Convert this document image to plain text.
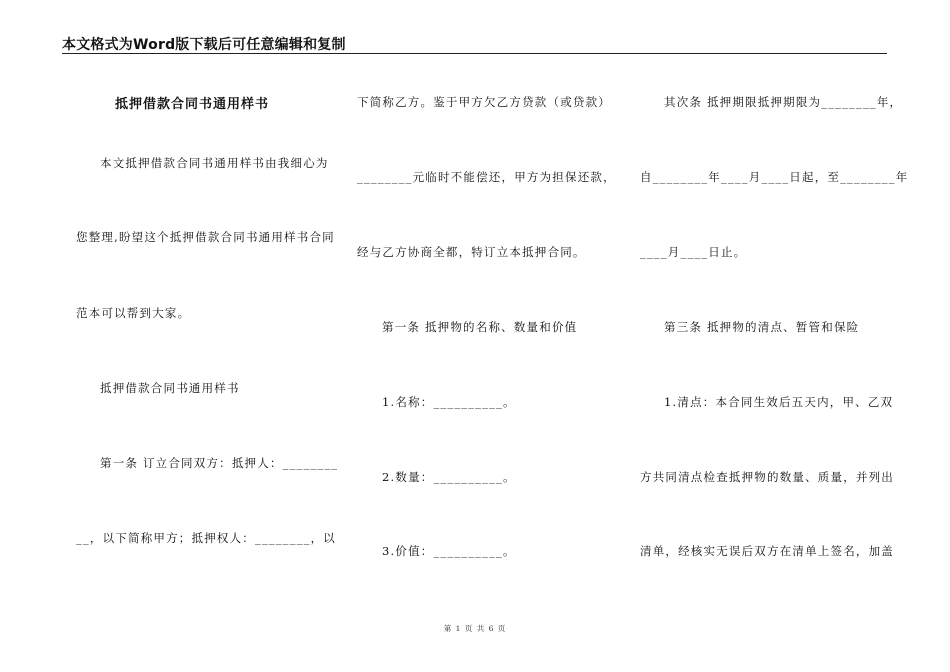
本文格式为Word版下载后可任意编辑和复制
抵押借款合同书通用样书
本文抵押借款合同书通用样书由我细心为
您整理,盼望这个抵押借款合同书通用样书合同
范本可以帮到大家。
抵押借款合同书通用样书
第一条 订立合同双方：抵押人：________
__，以下简称甲方；抵押权人：________，以
下简称乙方。鉴于甲方欠乙方贷款（或贷款）
________元临时不能偿还，甲方为担保还款，
经与乙方协商全都，特订立本抵押合同。
第一条 抵押物的名称、数量和价值
1.名称：__________。
2.数量：__________。
3.价值：__________。
其次条 抵押期限抵押期限为________年，
自________年____月____日起，至________年
____月____日止。
第三条 抵押物的清点、暂管和保险
1.清点：本合同生效后五天内，甲、乙双
方共同清点检查抵押物的数量、质量，并列出
清单，经核实无误后双方在清单上签名，加盖
第 1 页 共 6 页
